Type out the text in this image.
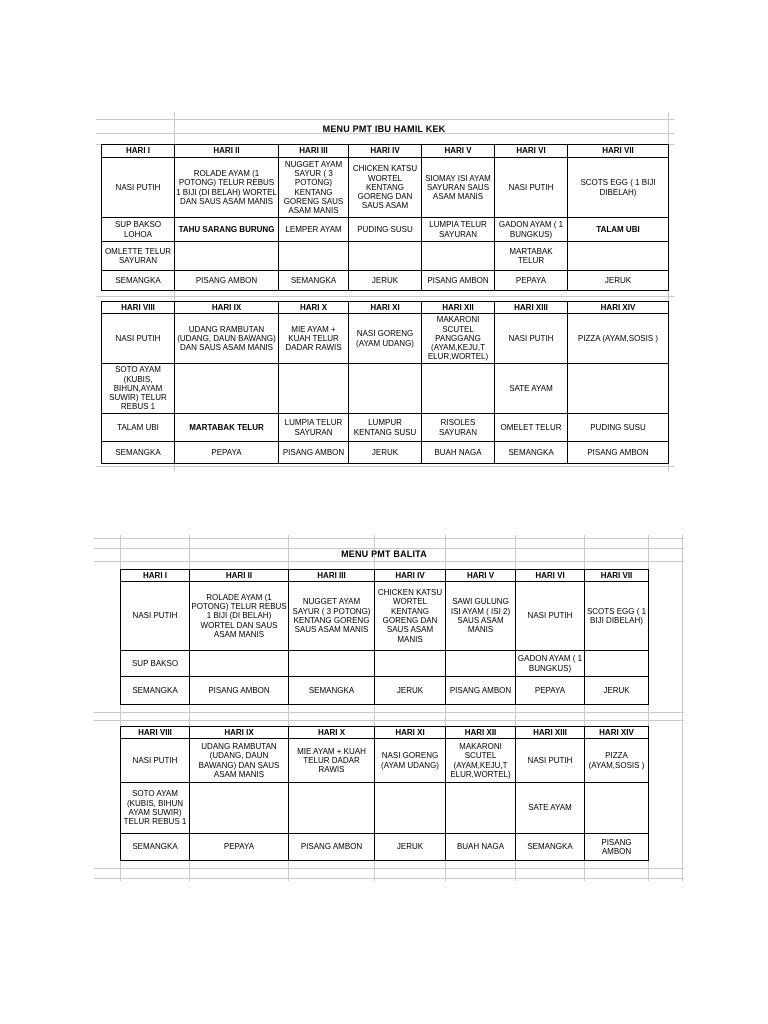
MENU PMT IBU HAMIL KEK
HARI I	HARI II	HARI III	HARI IV	HARI V	HARI VI	HARI VII
NASI PUTIH	ROLADE AYAM (1 POTONG) TELUR REBUS 1 BIJI (DI BELAH) WORTEL DAN SAUS ASAM MANIS	NUGGET AYAM SAYUR ( 3 POTONG) KENTANG GORENG SAUS ASAM MANIS	CHICKEN KATSU WORTEL KENTANG GORENG DAN SAUS ASAM	SIOMAY ISI AYAM SAYURAN SAUS ASAM MANIS	NASI PUTIH	SCOTS EGG ( 1 BIJI DIBELAH)
SUP BAKSO LOHOA	TAHU SARANG BURUNG	LEMPER AYAM	PUDING SUSU	LUMPIA TELUR SAYURAN	GADON AYAM ( 1 BUNGKUS)	TALAM UBI
OMLETTE TELUR SAYURAN					MARTABAK TELUR	
SEMANGKA	PISANG AMBON	SEMANGKA	JERUK	PISANG AMBON	PEPAYA	JERUK
HARI VIII	HARI IX	HARI X	HARI XI	HARI XII	HARI XIII	HARI XIV
NASI PUTIH	UDANG RAMBUTAN (UDANG, DAUN BAWANG) DAN SAUS ASAM MANIS	MIE AYAM + KUAH TELUR DADAR RAWIS	NASI GORENG (AYAM UDANG)	MAKARONI SCUTEL PANGGANG (AYAM,KEJU,T ELUR,WORTEL)	NASI PUTIH	PIZZA (AYAM,SOSIS )
SOTO AYAM (KUBIS, BIHUN,AYAM SUWIR) TELUR REBUS 1					SATE AYAM	
TALAM UBI	MARTABAK TELUR	LUMPIA TELUR SAYURAN	LUMPUR KENTANG SUSU	RISOLES SAYURAN	OMELET TELUR	PUDING SUSU
SEMANGKA	PEPAYA	PISANG AMBON	JERUK	BUAH NAGA	SEMANGKA	PISANG AMBON
MENU PMT BALITA
HARI I	HARI II	HARI III	HARI IV	HARI V	HARI VI	HARI VII
NASI PUTIH	ROLADE AYAM (1 POTONG) TELUR REBUS 1 BIJI (DI BELAH) WORTEL DAN SAUS ASAM MANIS	NUGGET AYAM SAYUR ( 3 POTONG) KENTANG GORENG SAUS ASAM MANIS	CHICKEN KATSU WORTEL KENTANG GORENG DAN SAUS ASAM MANIS	SAWI GULUNG ISI AYAM ( ISI 2) SAUS ASAM MANIS	NASI PUTIH	SCOTS EGG ( 1 BIJI DIBELAH)
SUP BAKSO					GADON AYAM ( 1 BUNGKUS)	
SEMANGKA	PISANG AMBON	SEMANGKA	JERUK	PISANG AMBON	PEPAYA	JERUK
HARI VIII	HARI IX	HARI X	HARI XI	HARI XII	HARI XIII	HARI XIV
NASI PUTIH	UDANG RAMBUTAN (UDANG, DAUN BAWANG) DAN SAUS ASAM MANIS	MIE AYAM + KUAH TELUR DADAR RAWIS	NASI GORENG (AYAM UDANG)	MAKARONI SCUTEL (AYAM,KEJU,T ELUR,WORTEL)	NASI PUTIH	PIZZA (AYAM,SOSIS )
SOTO AYAM (KUBIS, BIHUN AYAM SUWIR) TELUR REBUS 1					SATE AYAM	
SEMANGKA	PEPAYA	PISANG AMBON	JERUK	BUAH NAGA	SEMANGKA	PISANG AMBON
